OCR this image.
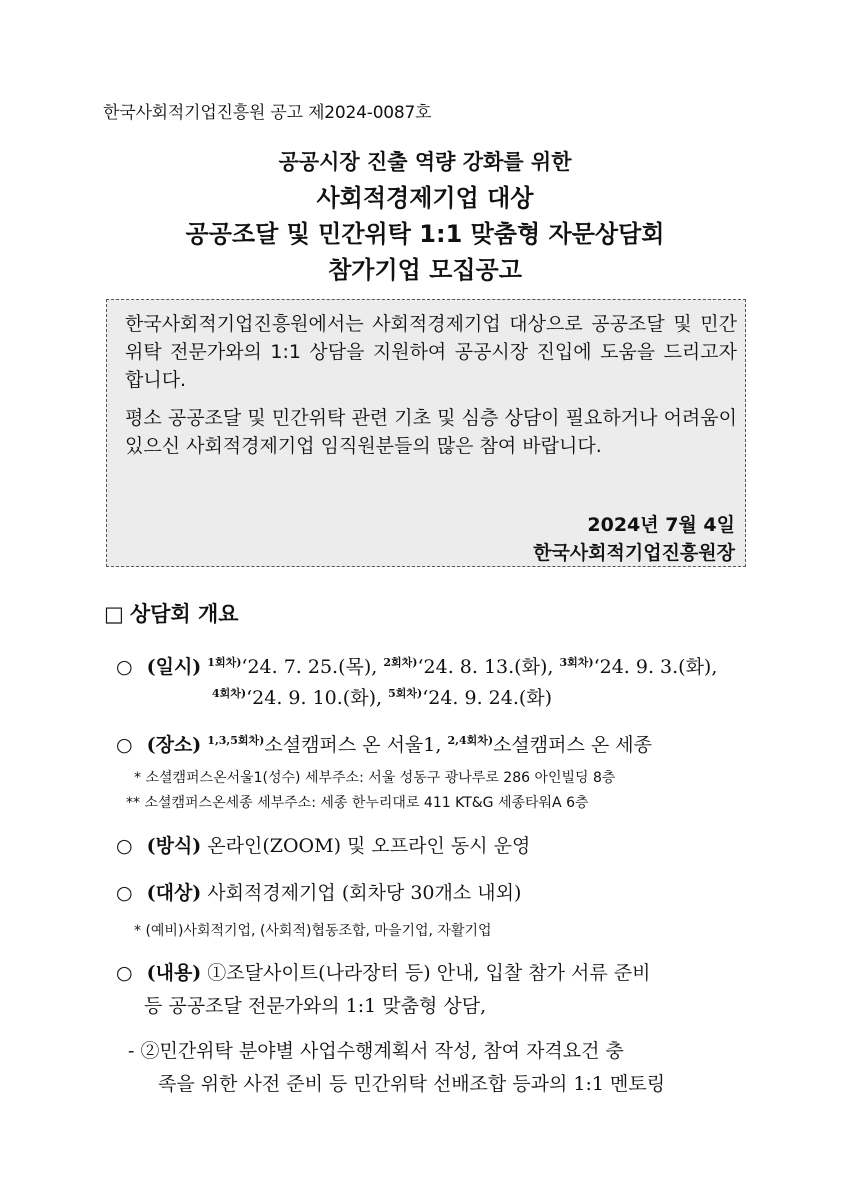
한국사회적기업진흥원 공고 제2024-0087호
공공시장 진출 역량 강화를 위한
사회적경제기업 대상
공공조달 및 민간위탁 1:1 맞춤형 자문상담회
참가기업 모집공고
한국사회적기업진흥원에서는 사회적경제기업 대상으로 공공조달 및 민간위탁 전문가와의 1:1 상담을 지원하여 공공시장 진입에 도움을 드리고자 합니다.
평소 공공조달 및 민간위탁 관련 기초 및 심층 상담이 필요하거나 어려움이 있으신 사회적경제기업 임직원분들의 많은 참여 바랍니다.
2024년 7월 4일
한국사회적기업진흥원장
□ 상담회 개요
○ (일시) $^{1회차)}$‘24. 7. 25.(목), $^{2회차)}$‘24. 8. 13.(화), $^{3회차)}$‘24. 9. 3.(화),
$^{4회차)}$‘24. 9. 10.(화), $^{5회차)}$‘24. 9. 24.(화)
○ (장소) $^{1,3,5회차)}$소셜캠퍼스 온 서울1, $^{2,4회차)}$소셜캠퍼스 온 세종
* 소셜캠퍼스온서울1(성수) 세부주소: 서울 성동구 광나루로 286 아인빌딩 8층
** 소셜캠퍼스온세종 세부주소: 세종 한누리대로 411 KT&G 세종타워A 6층
○ (방식) 온라인(ZOOM) 및 오프라인 동시 운영
○ (대상) 사회적경제기업 (회차당 30개소 내외)
* (예비)사회적기업, (사회적)협동조합, 마을기업, 자활기업
○ (내용) ①조달사이트(나라장터 등) 안내, 입찰 참가 서류 준비
등 공공조달 전문가와의 1:1 맞춤형 상담,
- ②민간위탁 분야별 사업수행계획서 작성, 참여 자격요건 충
족을 위한 사전 준비 등 민간위탁 선배조합 등과의 1:1 멘토링
